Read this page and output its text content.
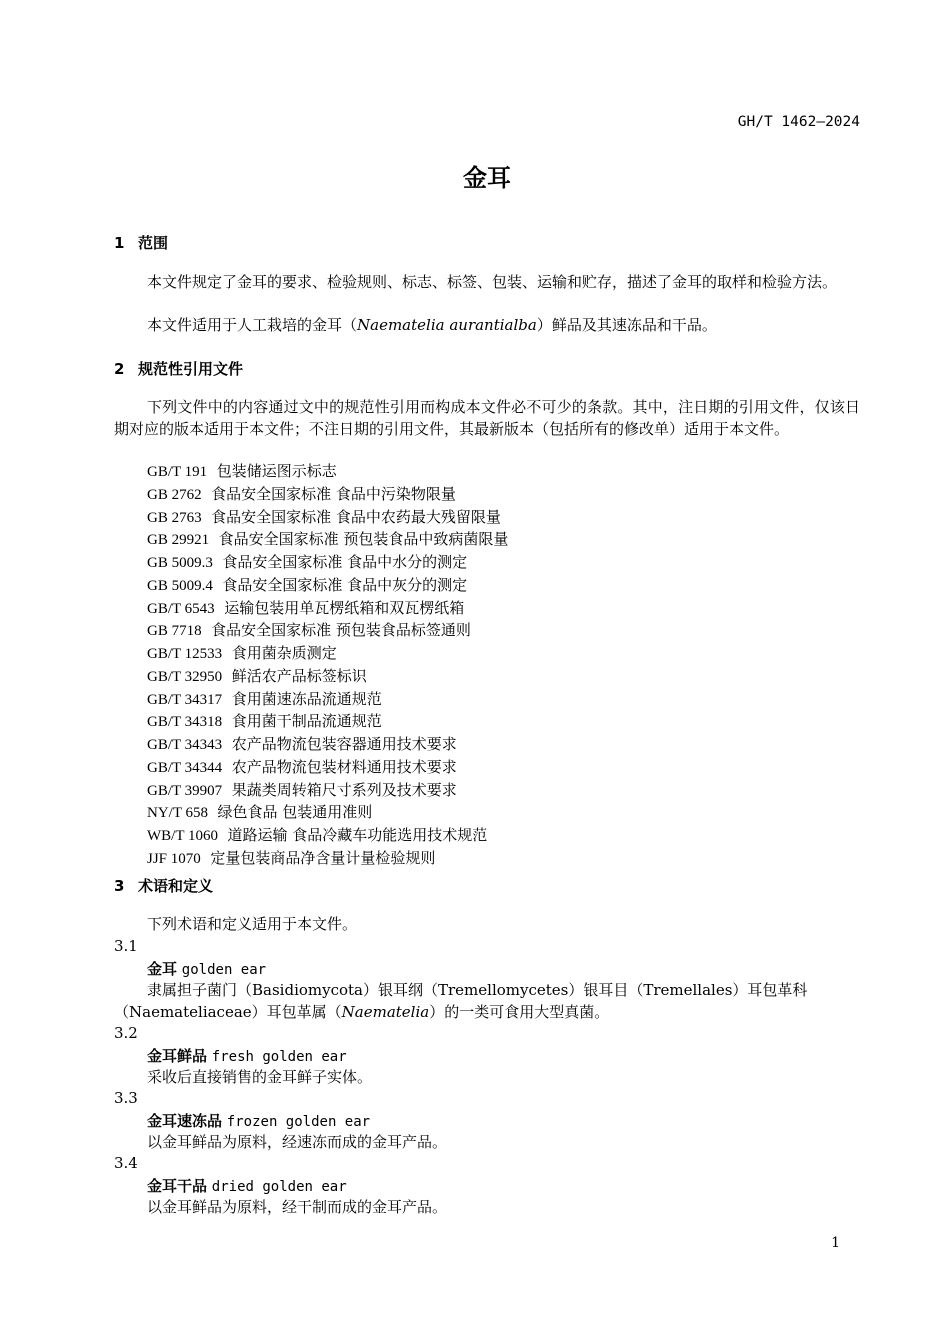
GH/T 1462—2024
金耳
1 范围
本文件规定了金耳的要求、检验规则、标志、标签、包装、运输和贮存，描述了金耳的取样和检验方法。
本文件适用于人工栽培的金耳（Naematelia aurantialba）鲜品及其速冻品和干品。
2 规范性引用文件
下列文件中的内容通过文中的规范性引用而构成本文件必不可少的条款。其中，注日期的引用文件，仅该日期对应的版本适用于本文件；不注日期的引用文件，其最新版本（包括所有的修改单）适用于本文件。
GB/T 191 包装储运图示标志
GB 2762 食品安全国家标准 食品中污染物限量
GB 2763 食品安全国家标准 食品中农药最大残留限量
GB 29921 食品安全国家标准 预包装食品中致病菌限量
GB 5009.3 食品安全国家标准 食品中水分的测定
GB 5009.4 食品安全国家标准 食品中灰分的测定
GB/T 6543 运输包装用单瓦楞纸箱和双瓦楞纸箱
GB 7718 食品安全国家标准 预包装食品标签通则
GB/T 12533 食用菌杂质测定
GB/T 32950 鲜活农产品标签标识
GB/T 34317 食用菌速冻品流通规范
GB/T 34318 食用菌干制品流通规范
GB/T 34343 农产品物流包装容器通用技术要求
GB/T 34344 农产品物流包装材料通用技术要求
GB/T 39907 果蔬类周转箱尺寸系列及技术要求
NY/T 658 绿色食品 包装通用准则
WB/T 1060 道路运输 食品冷藏车功能选用技术规范
JJF 1070 定量包装商品净含量计量检验规则
3 术语和定义
下列术语和定义适用于本文件。
3.1
金耳 golden ear
隶属担子菌门（Basidiomycota）银耳纲（Tremellomycetes）银耳目（Tremellales）耳包革科（Naemateliaceae）耳包革属（Naematelia）的一类可食用大型真菌。
3.2
金耳鲜品 fresh golden ear
采收后直接销售的金耳鲜子实体。
3.3
金耳速冻品 frozen golden ear
以金耳鲜品为原料，经速冻而成的金耳产品。
3.4
金耳干品 dried golden ear
以金耳鲜品为原料，经干制而成的金耳产品。
1
